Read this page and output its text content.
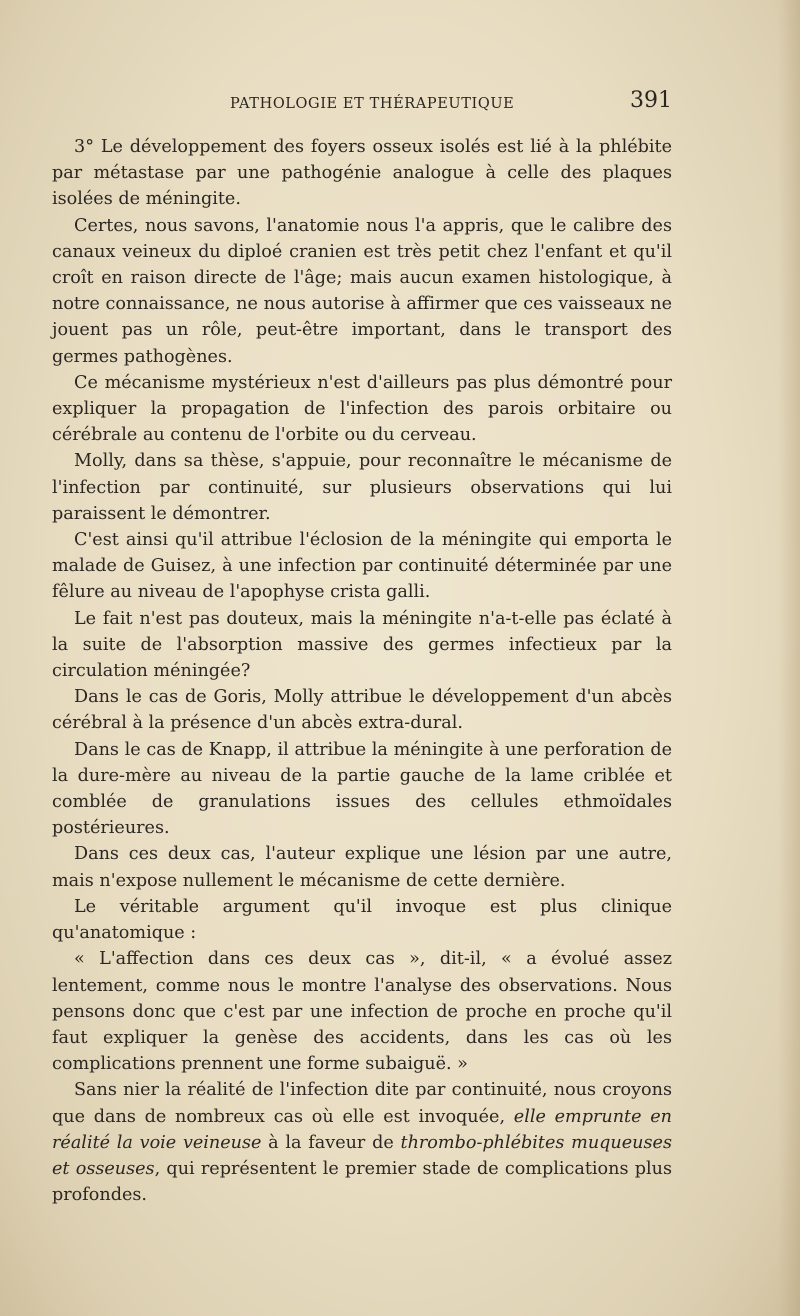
PATHOLOGIE ET THÉRAPEUTIQUE	391

3° Le développement des foyers osseux isolés est lié à la phlébite par métastase par une pathogénie analogue à celle des plaques isolées de méningite.

Certes, nous savons, l'anatomie nous l'a appris, que le calibre des canaux veineux du diploé cranien est très petit chez l'enfant et qu'il croît en raison directe de l'âge; mais aucun examen histologique, à notre connaissance, ne nous autorise à affirmer que ces vaisseaux ne jouent pas un rôle, peut-être important, dans le transport des germes pathogènes.

Ce mécanisme mystérieux n'est d'ailleurs pas plus démontré pour expliquer la propagation de l'infection des parois orbitaire ou cérébrale au contenu de l'orbite ou du cerveau.

Molly, dans sa thèse, s'appuie, pour reconnaître le mécanisme de l'infection par continuité, sur plusieurs observations qui lui paraissent le démontrer.

C'est ainsi qu'il attribue l'éclosion de la méningite qui emporta le malade de Guisez, à une infection par continuité déterminée par une fêlure au niveau de l'apophyse crista galli.

Le fait n'est pas douteux, mais la méningite n'a-t-elle pas éclaté à la suite de l'absorption massive des germes infectieux par la circulation méningée?

Dans le cas de Goris, Molly attribue le développement d'un abcès cérébral à la présence d'un abcès extra-dural.

Dans le cas de Knapp, il attribue la méningite à une perforation de la dure-mère au niveau de la partie gauche de la lame criblée et comblée de granulations issues des cellules ethmoïdales postérieures.

Dans ces deux cas, l'auteur explique une lésion par une autre, mais n'expose nullement le mécanisme de cette dernière.

Le véritable argument qu'il invoque est plus clinique qu'anatomique :

« L'affection dans ces deux cas », dit-il, « a évolué assez lentement, comme nous le montre l'analyse des observations. Nous pensons donc que c'est par une infection de proche en proche qu'il faut expliquer la genèse des accidents, dans les cas où les complications prennent une forme subaiguë. »

Sans nier la réalité de l'infection dite par continuité, nous croyons que dans de nombreux cas où elle est invoquée, elle emprunte en réalité la voie veineuse à la faveur de thrombo-phlébites muqueuses et osseuses, qui représentent le premier stade de complications plus profondes.
